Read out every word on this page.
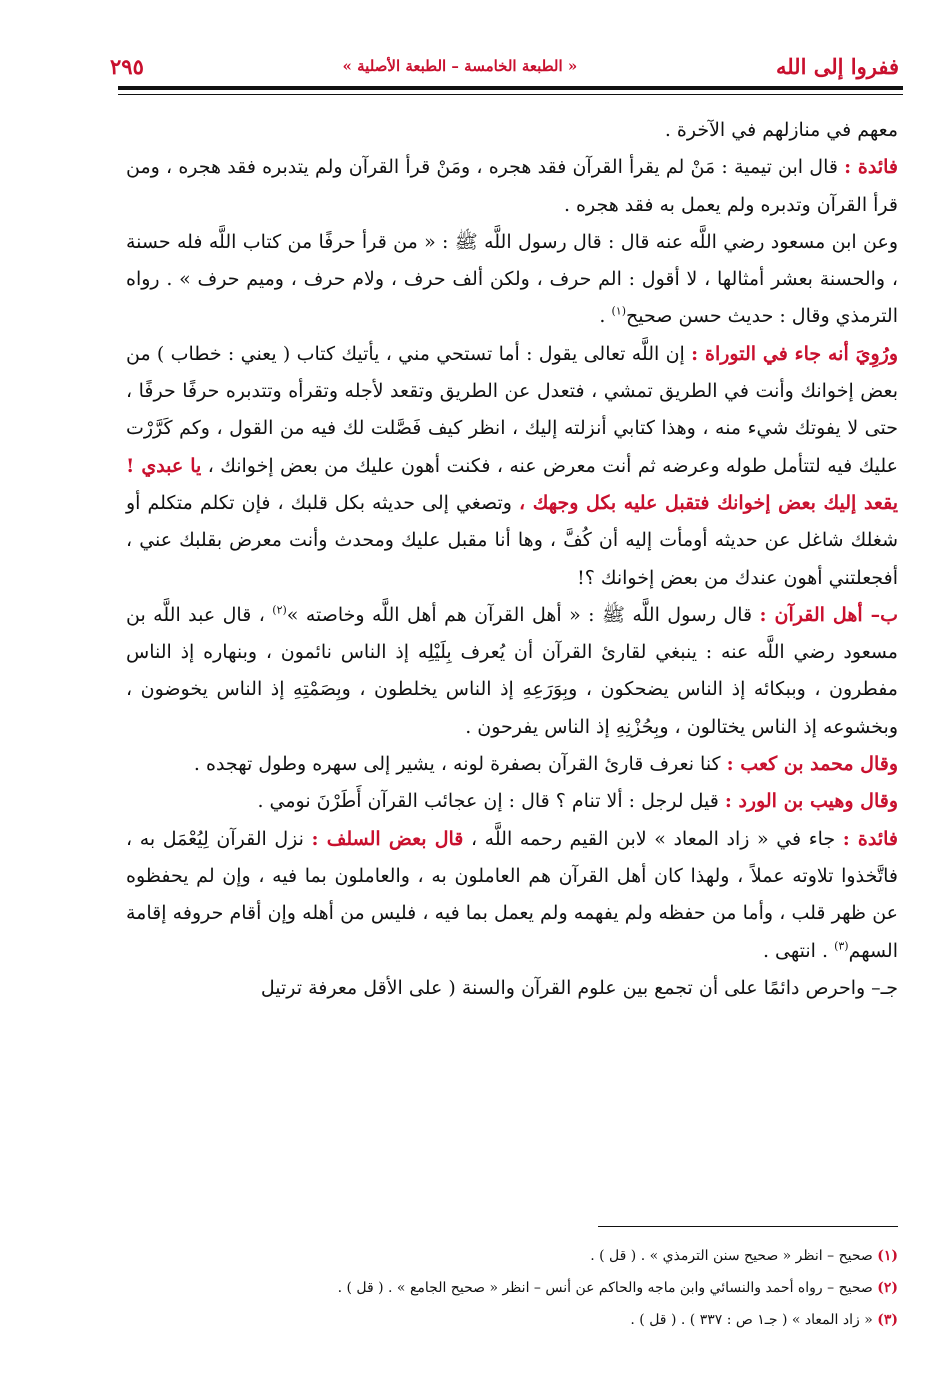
ففروا إلى الله
« الطبعة الخامسة – الطبعة الأصلية »
٢٩٥

معهم في منازلهم في الآخرة .

فائدة : قال ابن تيمية : مَنْ لم يقرأ القرآن فقد هجره ، ومَنْ قرأ القرآن ولم يتدبره فقد هجره ، ومن قرأ القرآن وتدبره ولم يعمل به فقد هجره .

وعن ابن مسعود رضي اللَّه عنه قال : قال رسول اللَّه ﷺ : « من قرأ حرفًا من كتاب اللَّه فله حسنة ، والحسنة بعشر أمثالها ، لا أقول : الم حرف ، ولكن ألف حرف ، ولام حرف ، وميم حرف » . رواه الترمذي وقال : حديث حسن صحيح$^{(١)}$ .

ورُوِيَ أنه جاء في التوراة : إن اللَّه تعالى يقول : أما تستحي مني ، يأتيك كتاب ( يعني : خطاب ) من بعض إخوانك وأنت في الطريق تمشي ، فتعدل عن الطريق وتقعد لأجله وتقرأه وتتدبره حرفًا حرفًا ، حتى لا يفوتك شيء منه ، وهذا كتابي أنزلته إليك ، انظر كيف فَصَّلت لك فيه من القول ، وكم كَرَّرْت عليك فيه لتتأمل طوله وعرضه ثم أنت معرض عنه ، فكنت أهون عليك من بعض إخوانك ، يا عبدي ! يقعد إليك بعض إخوانك فتقبل عليه بكل وجهك ، وتصغي إلى حديثه بكل قلبك ، فإن تكلم متكلم أو شغلك شاغل عن حديثه أومأت إليه أن كُفَّ ، وها أنا مقبل عليك ومحدث وأنت معرض بقلبك عني ، أفجعلتني أهون عندك من بعض إخوانك ؟!

ب– أهل القرآن : قال رسول اللَّه ﷺ : « أهل القرآن هم أهل اللَّه وخاصته »$^{(٢)}$ ، قال عبد اللَّه بن مسعود رضي اللَّه عنه : ينبغي لقارئ القرآن أن يُعرف بِلَيْلِه إذ الناس نائمون ، وبنهاره إذ الناس مفطرون ، وببكائه إذ الناس يضحكون ، وبِوَرَعِهِ إذ الناس يخلطون ، وبِصَمْتِهِ إذ الناس يخوضون ، وبخشوعه إذ الناس يختالون ، وبِحُزْنِهِ إذ الناس يفرحون .

وقال محمد بن كعب : كنا نعرف قارئ القرآن بصفرة لونه ، يشير إلى سهره وطول تهجده .

وقال وهيب بن الورد : قيل لرجل : ألا تنام ؟ قال : إن عجائب القرآن أَطَرْنَ نومي .

فائدة : جاء في « زاد المعاد » لابن القيم رحمه اللَّه ، قال بعض السلف : نزل القرآن لِيُعْمَل به ، فاتَّخذوا تلاوته عملاً ، ولهذا كان أهل القرآن هم العاملون به ، والعاملون بما فيه ، وإن لم يحفظوه عن ظهر قلب ، وأما من حفظه ولم يفهمه ولم يعمل بما فيه ، فليس من أهله وإن أقام حروفه إقامة السهم$^{(٣)}$ . انتهى .

جـ– واحرص دائمًا على أن تجمع بين علوم القرآن والسنة ( على الأقل معرفة ترتيل

(١) صحيح – انظر « صحيح سنن الترمذي » . ( قل ) .

(٢) صحيح – رواه أحمد والنسائي وابن ماجه والحاكم عن أنس – انظر « صحيح الجامع » . ( قل ) .

(٣) « زاد المعاد » ( جـ١ ص : ٣٣٧ ) . ( قل ) .
